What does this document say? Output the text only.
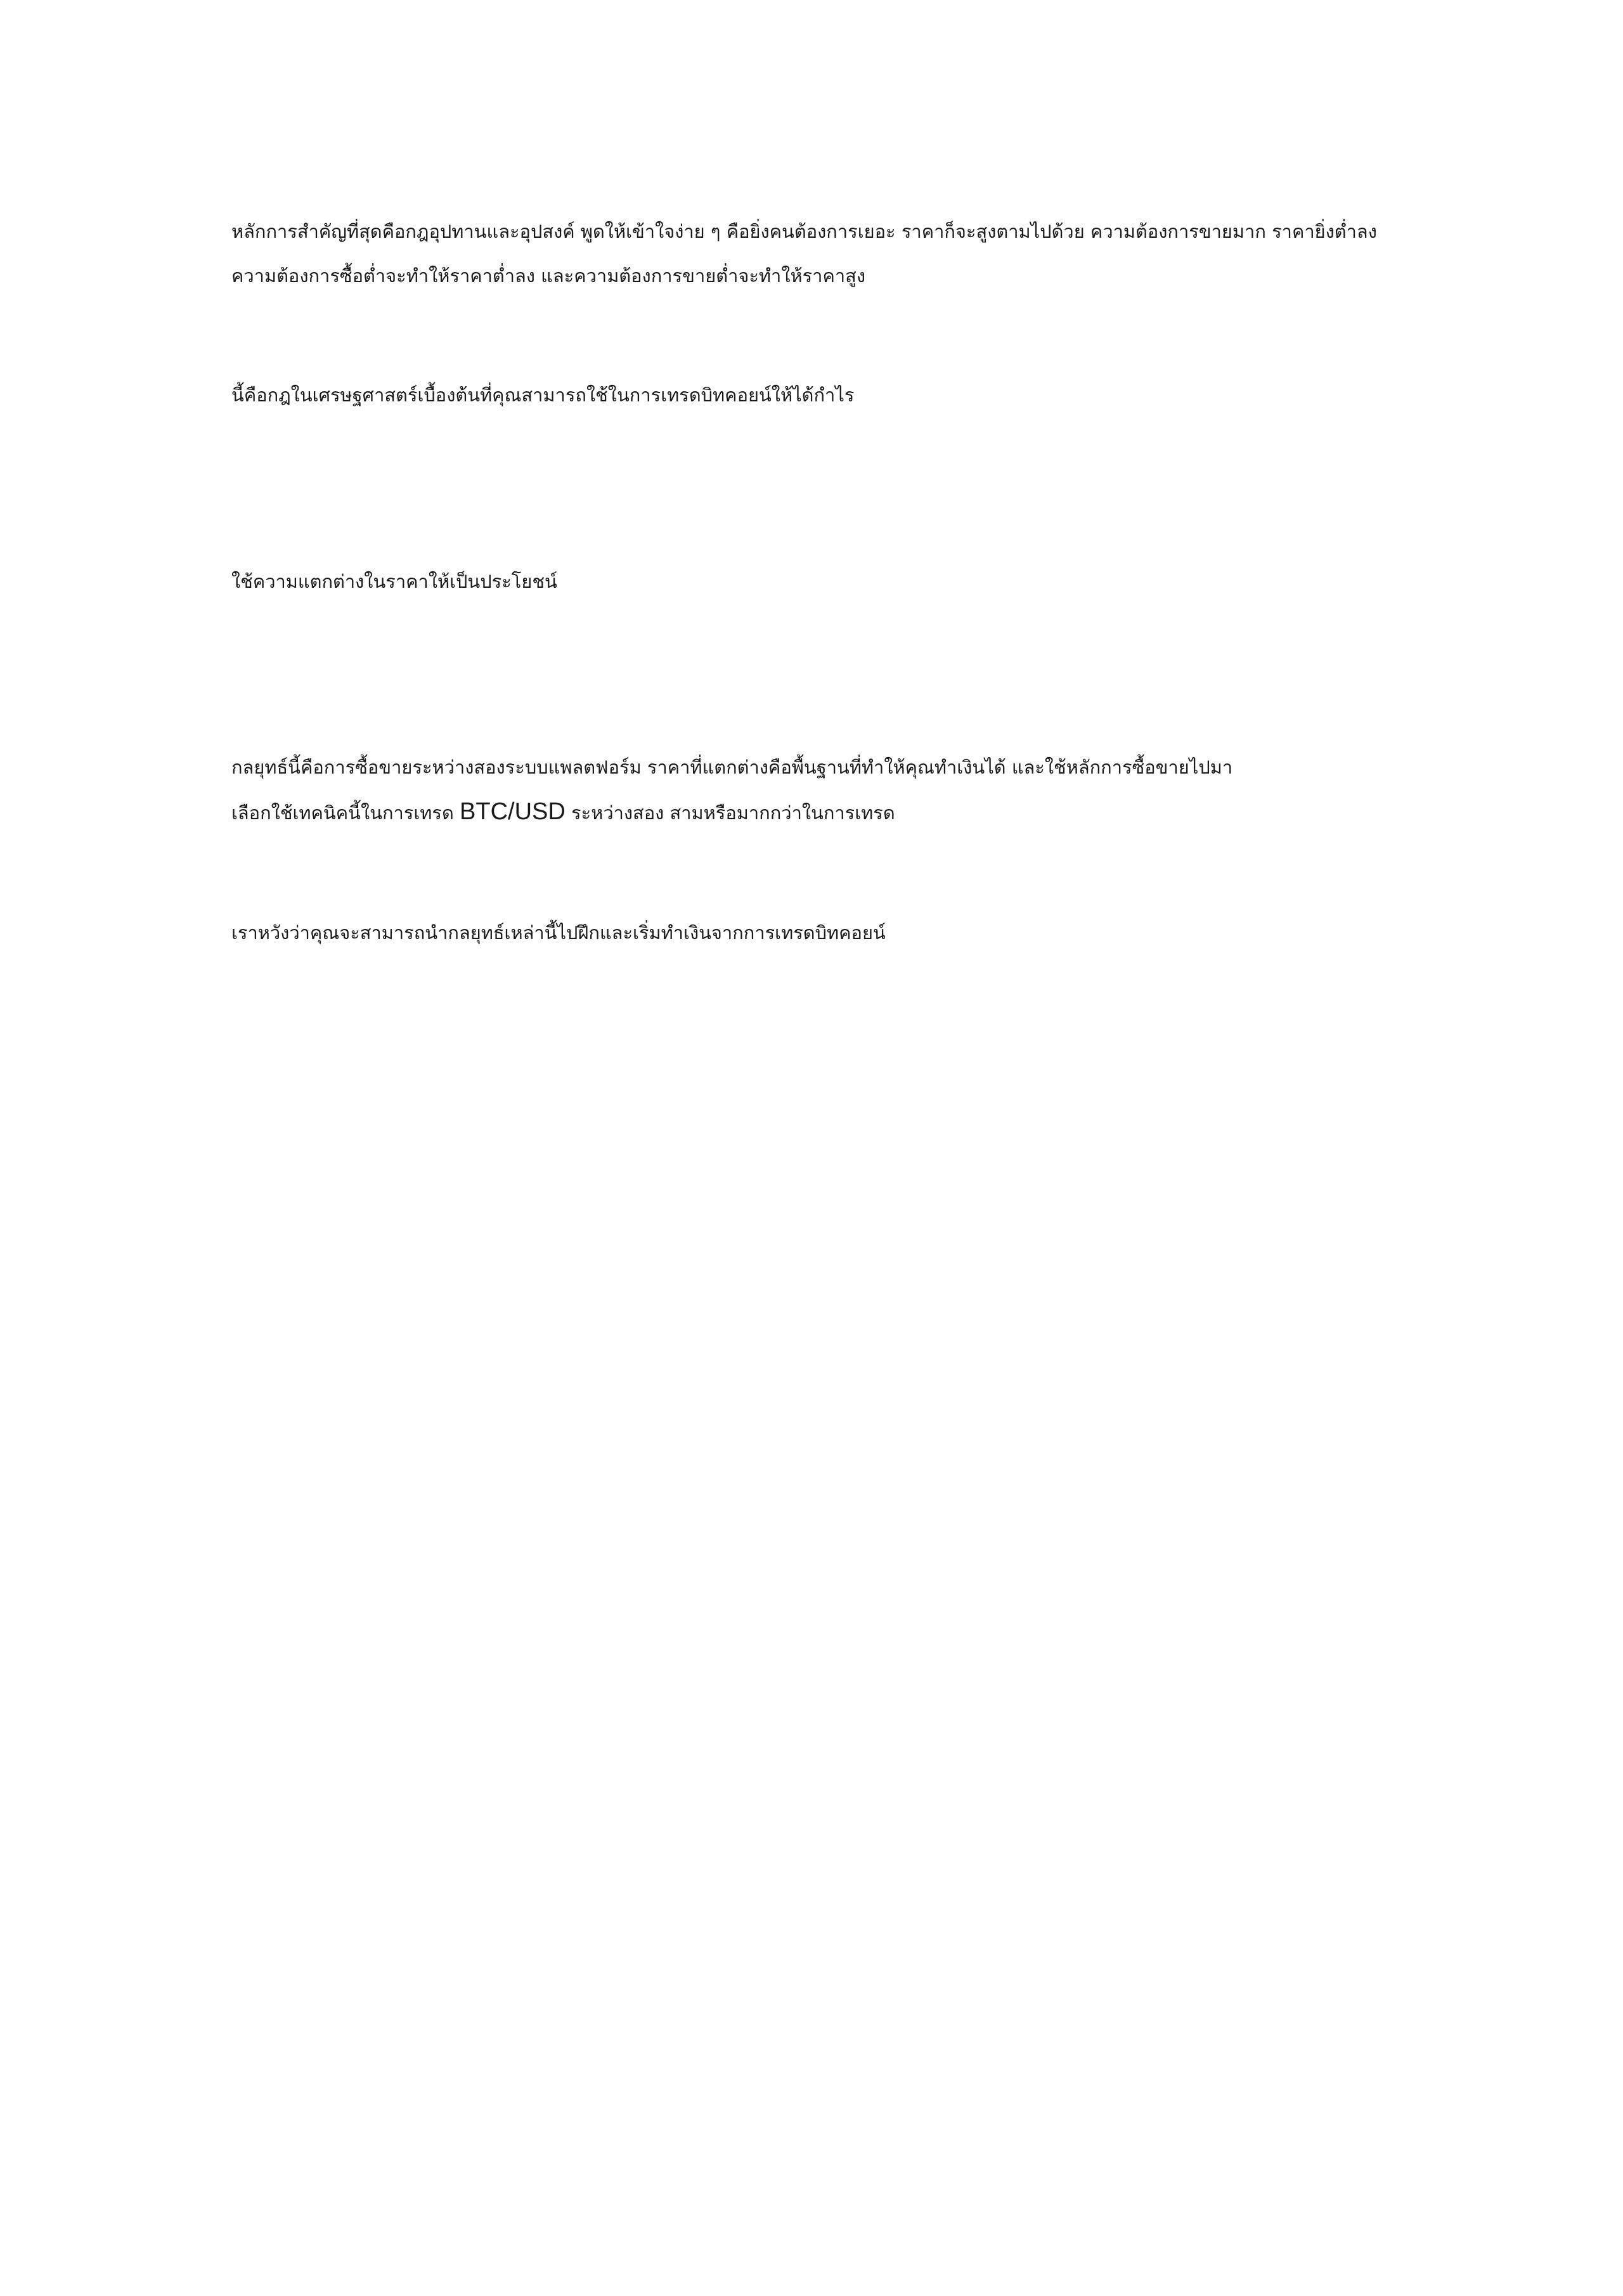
หลักการสำคัญที่สุดคือกฎอุปทานและอุปสงค์ พูดให้เข้าใจง่าย ๆ คือยิ่งคนต้องการเยอะ ราคาก็จะสูงตามไปด้วย ความต้องการขายมาก ราคายิ่งต่ำลง
ความต้องการซื้อต่ำจะทำให้ราคาต่ำลง และความต้องการขายต่ำจะทำให้ราคาสูง

นี้คือกฎในเศรษฐศาสตร์เบื้องต้นที่คุณสามารถใช้ในการเทรดบิทคอยน์ให้ได้กำไร

ใช้ความแตกต่างในราคาให้เป็นประโยชน์

กลยุทธ์นี้คือการซื้อขายระหว่างสองระบบแพลตฟอร์ม ราคาที่แตกต่างคือพื้นฐานที่ทำให้คุณทำเงินได้ และใช้หลักการซื้อขายไปมา
เลือกใช้เทคนิคนี้ในการเทรด BTC/USD ระหว่างสอง สามหรือมากกว่าในการเทรด

เราหวังว่าคุณจะสามารถนำกลยุทธ์เหล่านี้ไปฝึกและเริ่มทำเงินจากการเทรดบิทคอยน์
